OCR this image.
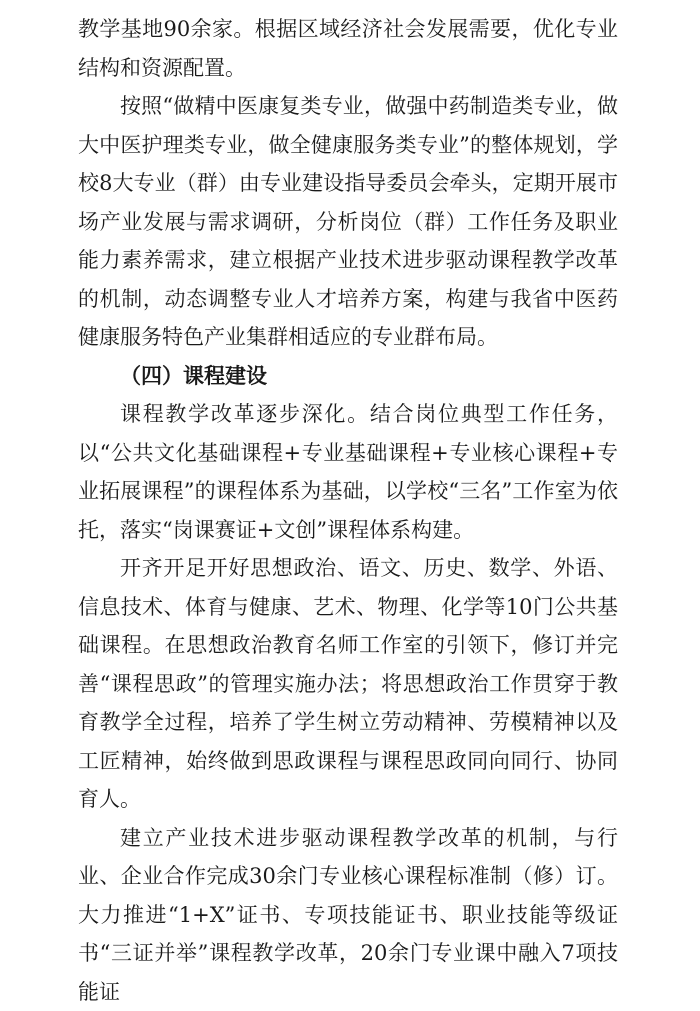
教学基地90余家。根据区域经济社会发展需要，优化专业结构和资源配置。

按照“做精中医康复类专业，做强中药制造类专业，做大中医护理类专业，做全健康服务类专业”的整体规划，学校8大专业（群）由专业建设指导委员会牵头，定期开展市场产业发展与需求调研，分析岗位（群）工作任务及职业能力素养需求，建立根据产业技术进步驱动课程教学改革的机制，动态调整专业人才培养方案，构建与我省中医药健康服务特色产业集群相适应的专业群布局。

（四）课程建设

课程教学改革逐步深化。结合岗位典型工作任务，以“公共文化基础课程+专业基础课程+专业核心课程+专业拓展课程”的课程体系为基础，以学校“三名”工作室为依托，落实“岗课赛证+文创”课程体系构建。

开齐开足开好思想政治、语文、历史、数学、外语、信息技术、体育与健康、艺术、物理、化学等10门公共基础课程。在思想政治教育名师工作室的引领下，修订并完善“课程思政”的管理实施办法；将思想政治工作贯穿于教育教学全过程，培养了学生树立劳动精神、劳模精神以及工匠精神，始终做到思政课程与课程思政同向同行、协同育人。

建立产业技术进步驱动课程教学改革的机制，与行业、企业合作完成30余门专业核心课程标准制（修）订。大力推进“1+X”证书、专项技能证书、职业技能等级证书“三证并举”课程教学改革，20余门专业课中融入7项技能证
